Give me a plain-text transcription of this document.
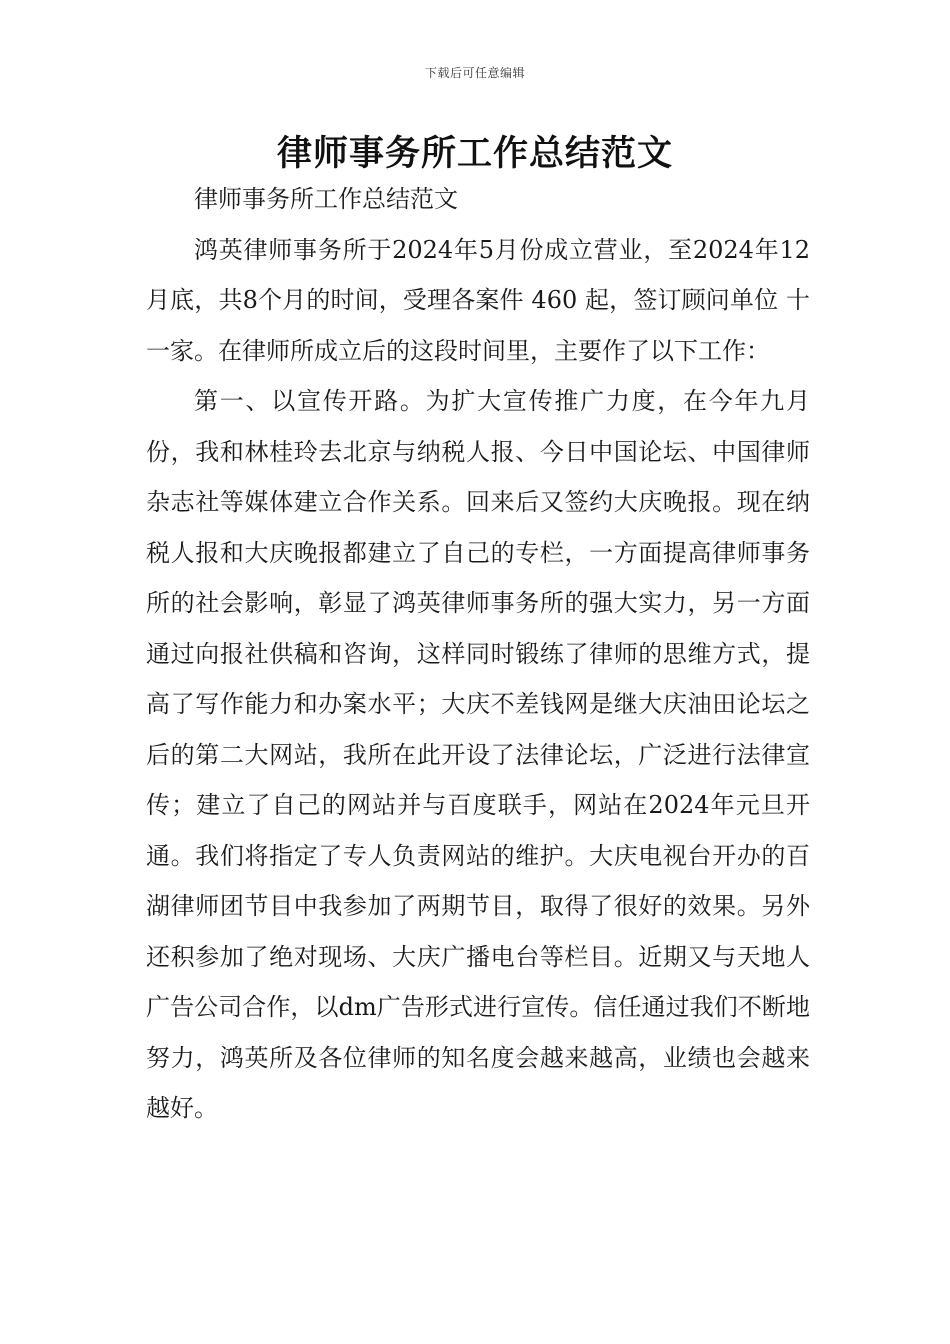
下载后可任意编辑
律师事务所工作总结范文

律师事务所工作总结范文

鸿英律师事务所于2024年5月份成立营业，至2024年12月底，共8个月的时间，受理各案件 460 起，签订顾问单位 十一家。在律师所成立后的这段时间里，主要作了以下工作：

第一、以宣传开路。为扩大宣传推广力度，在今年九月份，我和林桂玲去北京与纳税人报、今日中国论坛、中国律师杂志社等媒体建立合作关系。回来后又签约大庆晚报。现在纳税人报和大庆晚报都建立了自己的专栏，一方面提高律师事务所的社会影响，彰显了鸿英律师事务所的强大实力，另一方面通过向报社供稿和咨询，这样同时锻练了律师的思维方式，提高了写作能力和办案水平；大庆不差钱网是继大庆油田论坛之后的第二大网站，我所在此开设了法律论坛，广泛进行法律宣传；建立了自己的网站并与百度联手，网站在2024年元旦开通。我们将指定了专人负责网站的维护。大庆电视台开办的百湖律师团节目中我参加了两期节目，取得了很好的效果。另外还积参加了绝对现场、大庆广播电台等栏目。近期又与天地人广告公司合作，以dm广告形式进行宣传。信任通过我们不断地努力，鸿英所及各位律师的知名度会越来越高，业绩也会越来越好。
